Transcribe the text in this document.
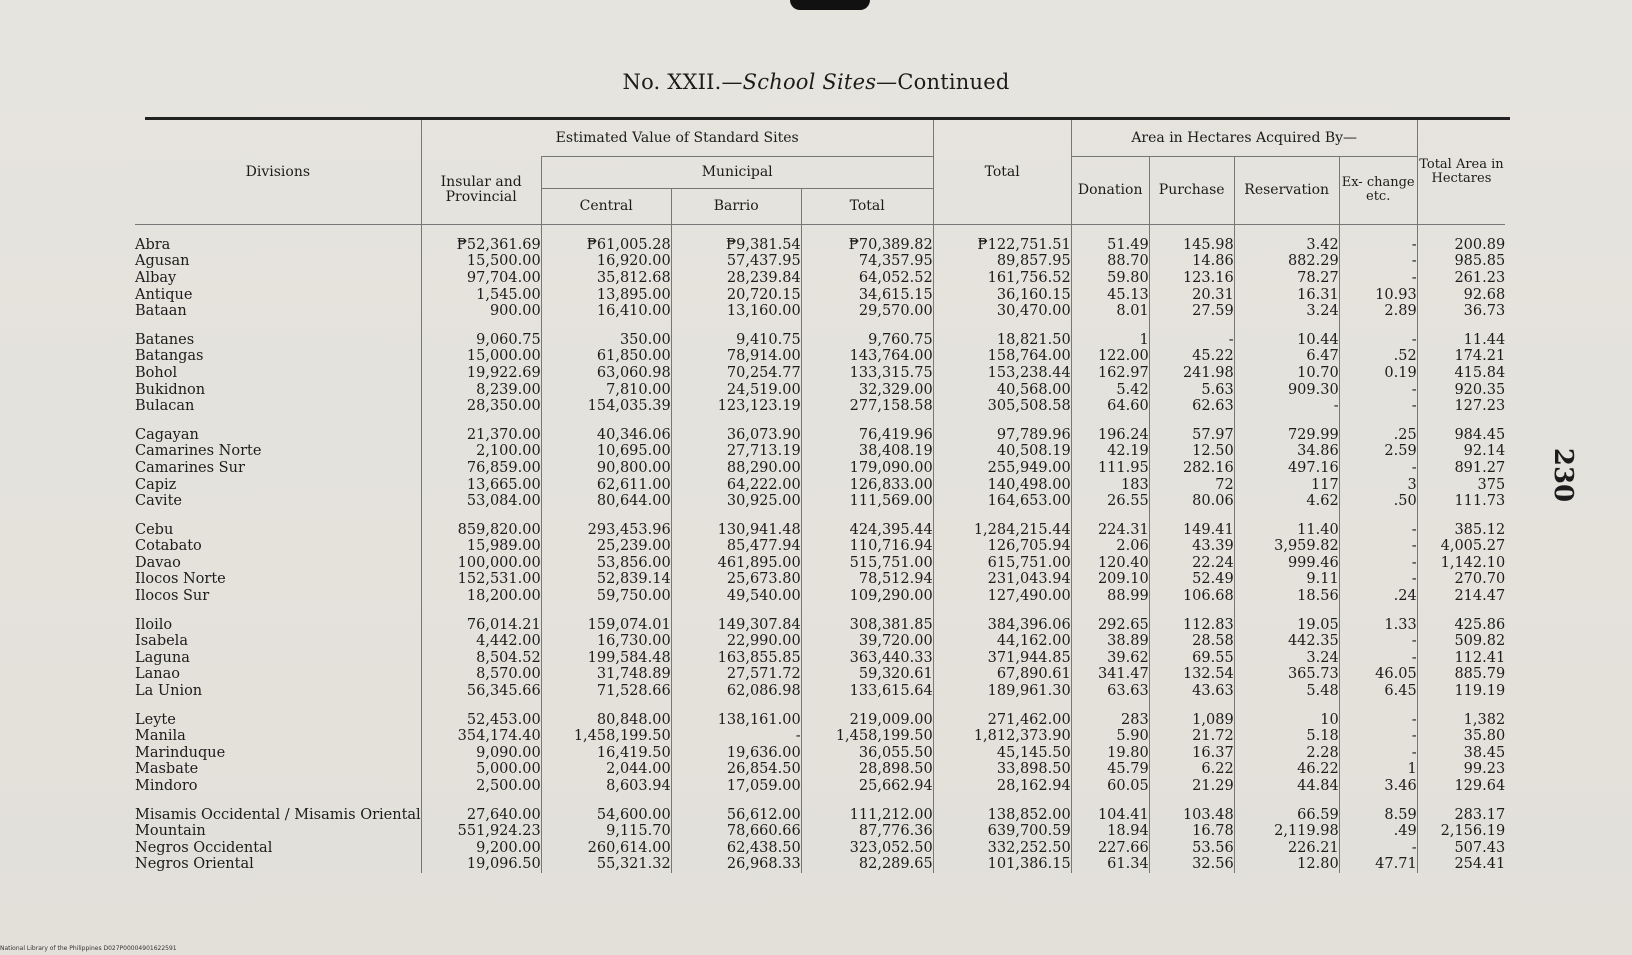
No. XXII.—School Sites—Continued
Divisions	Estimated Value of Standard Sites				Total	Area in Hectares Acquired By—				Total Area in Hectares
	Insular and Provincial	Municipal				Donation	Purchase	Reservation	Ex- change etc.	
		Central	Barrio	Total						

Abra	₱52,361.69	₱61,005.28	₱9,381.54	₱70,389.82	₱122,751.51	51.49	145.98	3.42	-	200.89
Agusan	15,500.00	16,920.00	57,437.95	74,357.95	89,857.95	88.70	14.86	882.29	-	985.85
Albay	97,704.00	35,812.68	28,239.84	64,052.52	161,756.52	59.80	123.16	78.27	-	261.23
Antique	1,545.00	13,895.00	20,720.15	34,615.15	36,160.15	45.13	20.31	16.31	10.93	92.68
Bataan	900.00	16,410.00	13,160.00	29,570.00	30,470.00	8.01	27.59	3.24	2.89	36.73

Batanes	9,060.75	350.00	9,410.75	9,760.75	18,821.50	1	-	10.44	-	11.44
Batangas	15,000.00	61,850.00	78,914.00	143,764.00	158,764.00	122.00	45.22	6.47	.52	174.21
Bohol	19,922.69	63,060.98	70,254.77	133,315.75	153,238.44	162.97	241.98	10.70	0.19	415.84
Bukidnon	8,239.00	7,810.00	24,519.00	32,329.00	40,568.00	5.42	5.63	909.30	-	920.35
Bulacan	28,350.00	154,035.39	123,123.19	277,158.58	305,508.58	64.60	62.63	-	-	127.23

Cagayan	21,370.00	40,346.06	36,073.90	76,419.96	97,789.96	196.24	57.97	729.99	.25	984.45
Camarines Norte	2,100.00	10,695.00	27,713.19	38,408.19	40,508.19	42.19	12.50	34.86	2.59	92.14
Camarines Sur	76,859.00	90,800.00	88,290.00	179,090.00	255,949.00	111.95	282.16	497.16	-	891.27
Capiz	13,665.00	62,611.00	64,222.00	126,833.00	140,498.00	183	72	117	3	375
Cavite	53,084.00	80,644.00	30,925.00	111,569.00	164,653.00	26.55	80.06	4.62	.50	111.73

Cebu	859,820.00	293,453.96	130,941.48	424,395.44	1,284,215.44	224.31	149.41	11.40	-	385.12
Cotabato	15,989.00	25,239.00	85,477.94	110,716.94	126,705.94	2.06	43.39	3,959.82	-	4,005.27
Davao	100,000.00	53,856.00	461,895.00	515,751.00	615,751.00	120.40	22.24	999.46	-	1,142.10
Ilocos Norte	152,531.00	52,839.14	25,673.80	78,512.94	231,043.94	209.10	52.49	9.11	-	270.70
Ilocos Sur	18,200.00	59,750.00	49,540.00	109,290.00	127,490.00	88.99	106.68	18.56	.24	214.47

Iloilo	76,014.21	159,074.01	149,307.84	308,381.85	384,396.06	292.65	112.83	19.05	1.33	425.86
Isabela	4,442.00	16,730.00	22,990.00	39,720.00	44,162.00	38.89	28.58	442.35	-	509.82
Laguna	8,504.52	199,584.48	163,855.85	363,440.33	371,944.85	39.62	69.55	3.24	-	112.41
Lanao	8,570.00	31,748.89	27,571.72	59,320.61	67,890.61	341.47	132.54	365.73	46.05	885.79
La Union	56,345.66	71,528.66	62,086.98	133,615.64	189,961.30	63.63	43.63	5.48	6.45	119.19

Leyte	52,453.00	80,848.00	138,161.00	219,009.00	271,462.00	283	1,089	10	-	1,382
Manila	354,174.40	1,458,199.50	-	1,458,199.50	1,812,373.90	5.90	21.72	5.18	-	35.80
Marinduque	9,090.00	16,419.50	19,636.00	36,055.50	45,145.50	19.80	16.37	2.28	-	38.45
Masbate	5,000.00	2,044.00	26,854.50	28,898.50	33,898.50	45.79	6.22	46.22	1	99.23
Mindoro	2,500.00	8,603.94	17,059.00	25,662.94	28,162.94	60.05	21.29	44.84	3.46	129.64

Misamis Occidental / Misamis Oriental	27,640.00	54,600.00	56,612.00	111,212.00	138,852.00	104.41	103.48	66.59	8.59	283.17
Mountain	551,924.23	9,115.70	78,660.66	87,776.36	639,700.59	18.94	16.78	2,119.98	.49	2,156.19
Negros Occidental	9,200.00	260,614.00	62,438.50	323,052.50	332,252.50	227.66	53.56	226.21	-	507.43
Negros Oriental	19,096.50	55,321.32	26,968.33	82,289.65	101,386.15	61.34	32.56	12.80	47.71	254.41
230
National Library of the Philippines D027P00004901622591
